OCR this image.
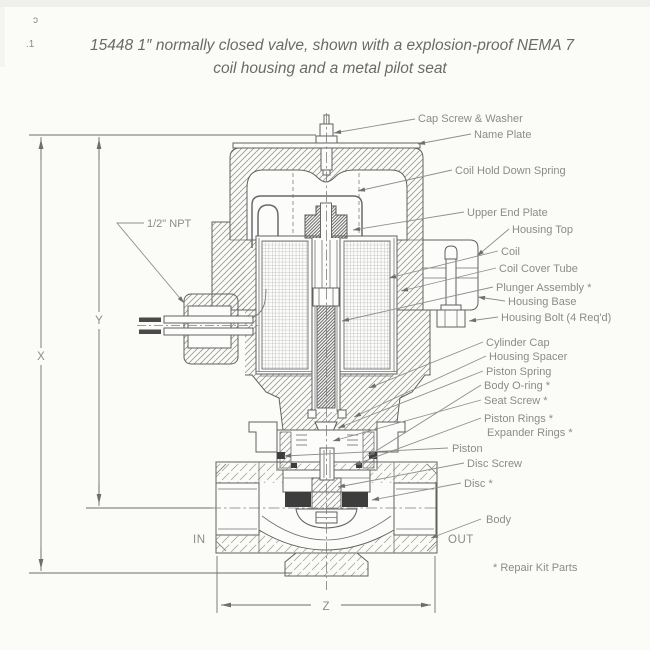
ɔ
.1	15448 1″ normally closed valve, shown with a explosion-proof NEMA 7
coil housing and a metal pilot seat
X
Y
Z
Cap Screw & Washer
Name Plate
Coil Hold Down Spring
Upper End Plate
Housing Top
Coil
Coil Cover Tube
Plunger Assembly *
Housing Base
Housing Bolt (4 Req'd)
Cylinder Cap
Housing Spacer
Piston Spring
Body O-ring *
Seat Screw *
Piston Rings *
Expander Rings *
Piston
Disc Screw
Disc *
Body
1/2" NPT
IN	OUT
* Repair Kit Parts
